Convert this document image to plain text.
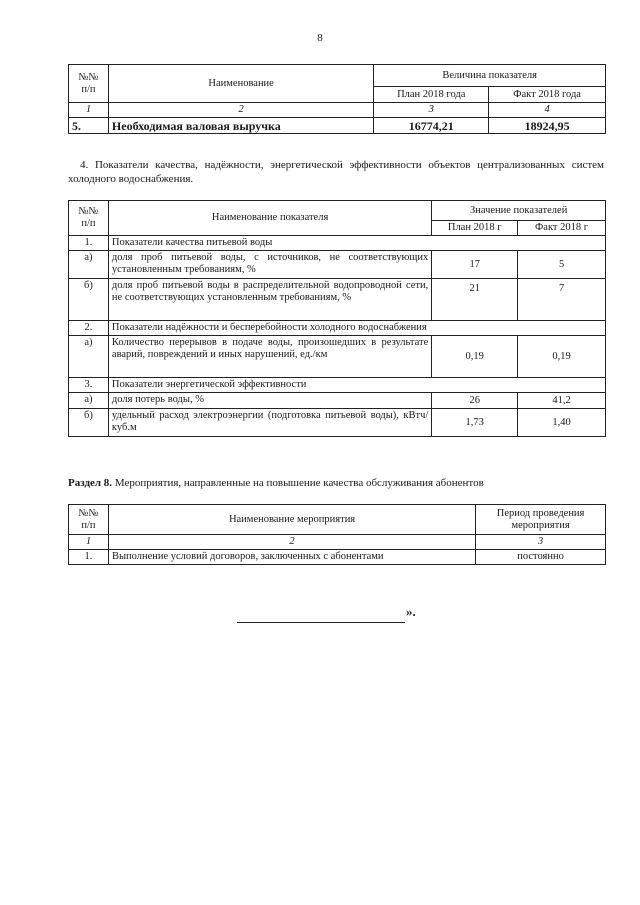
8
№№
п/п	Наименование	Величина показателя	
		План 2018 года	Факт 2018 года
1	2	3	4
5.	Необходимая валовая выручка	16774,21	18924,95
4. Показатели качества, надёжности, энергетической эффективности объектов централизованных систем холодного водоснабжения.
№№
п/п	Наименование показателя	Значение показателей	
		План 2018 г	Факт 2018 г
1.	Показатели качества питьевой воды		
а)	доля проб питьевой воды, с источников, не соответствующих установленным требованиям, %	17	5
б)	доля проб питьевой воды в распределительной водопроводной сети, не соответствующих установленным требованиям, %	21	7
2.	Показатели надёжности и бесперебойности холодного водоснабжения		
а)	Количество перерывов в подаче воды, произошедших в результате аварий, повреждений и иных нарушений, ед./км	0,19	0,19
3.	Показатели энергетической эффективности		
а)	доля потерь воды, %	26	41,2
б)	удельный расход электроэнергии (подготовка питьевой воды), кВтч/куб.м	1,73	1,40
Раздел 8. Мероприятия, направленные на повышение качества обслуживания абонентов
№№
п/п	Наименование мероприятия	Период проведения мероприятия
1	2	3
1.	Выполнение условий договоров, заключенных с абонентами	постоянно
».
